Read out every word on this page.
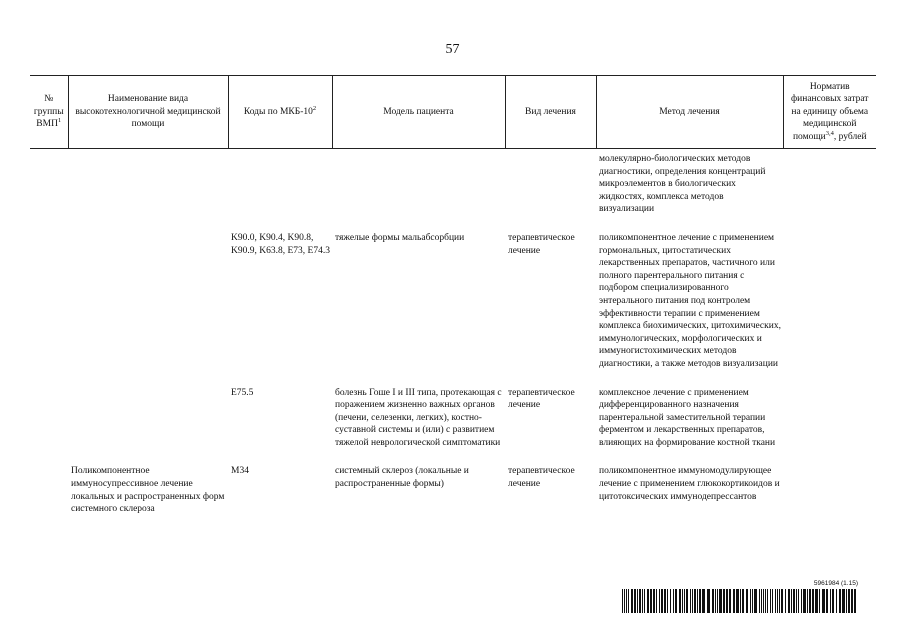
57
№ группы ВМП$^1$	Наименование вида высокотехнологичной медицинской помощи	Коды по МКБ-$10^2$	Модель пациента	Вид лечения	Метод лечения	Норматив финансовых затрат на единицу объема медицинской помощи$^{3,4}$, рублей
					молекулярно-биологических методов диагностики, определения концентраций микроэлементов в биологических жидкостях, комплекса методов визуализации	
		K90.0, K90.4, K90.8, K90.9, K63.8, E73, E74.3	тяжелые формы мальабсорбции	терапевтическое лечение	поликомпонентное лечение с применением гормональных, цитостатических лекарственных препаратов, частичного или полного парентерального питания с подбором специализированного энтерального питания под контролем эффективности терапии с применением комплекса биохимических, цитохимических, иммунологических, морфологических и иммуногистохимических методов диагностики, а также методов визуализации	
		E75.5	болезнь Гоше I и III типа, протекающая с поражением жизненно важных органов (печени, селезенки, легких), костно-суставной системы и (или) с развитием тяжелой неврологической симптоматики	терапевтическое лечение	комплексное лечение с применением дифференцированного назначения парентеральной заместительной терапии ферментом и лекарственных препаратов, влияющих на формирование костной ткани	
	Поликомпонентное иммуносупрессивное лечение локальных и распространенных форм системного склероза	M34	системный склероз (локальные и распространенные формы)	терапевтическое лечение	поликомпонентное иммуномодулирующее лечение с применением глюкокортикоидов и цитотоксических иммунодепрессантов	
5961984 (1.15)
